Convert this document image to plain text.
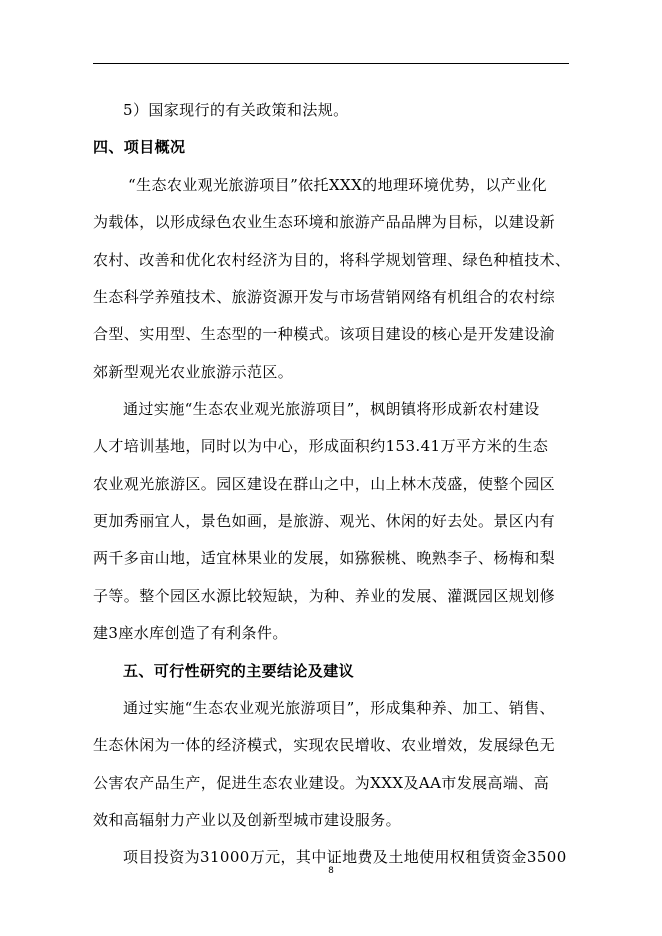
5）国家现行的有关政策和法规。
四、项目概况
“生态农业观光旅游项目”依托XXX的地理环境优势，以产业化
为载体，以形成绿色农业生态环境和旅游产品品牌为目标，以建设新
农村、改善和优化农村经济为目的，将科学规划管理、绿色种植技术、
生态科学养殖技术、旅游资源开发与市场营销网络有机组合的农村综
合型、实用型、生态型的一种模式。该项目建设的核心是开发建设渝
郊新型观光农业旅游示范区。
通过实施“生态农业观光旅游项目”，枫朗镇将形成新农村建设
人才培训基地，同时以为中心，形成面积约153.41万平方米的生态
农业观光旅游区。园区建设在群山之中，山上林木茂盛，使整个园区
更加秀丽宜人，景色如画，是旅游、观光、休闲的好去处。景区内有
两千多亩山地，适宜林果业的发展，如猕猴桃、晚熟李子、杨梅和梨
子等。整个园区水源比较短缺，为种、养业的发展、灌溉园区规划修
建3座水库创造了有利条件。
五、可行性研究的主要结论及建议
通过实施“生态农业观光旅游项目”，形成集种养、加工、销售、
生态休闲为一体的经济模式，实现农民增收、农业增效，发展绿色无
公害农产品生产，促进生态农业建设。为XXX及AA市发展高端、高
效和高辐射力产业以及创新型城市建设服务。
项目投资为31000万元，其中证地费及土地使用权租赁资金3500
8
